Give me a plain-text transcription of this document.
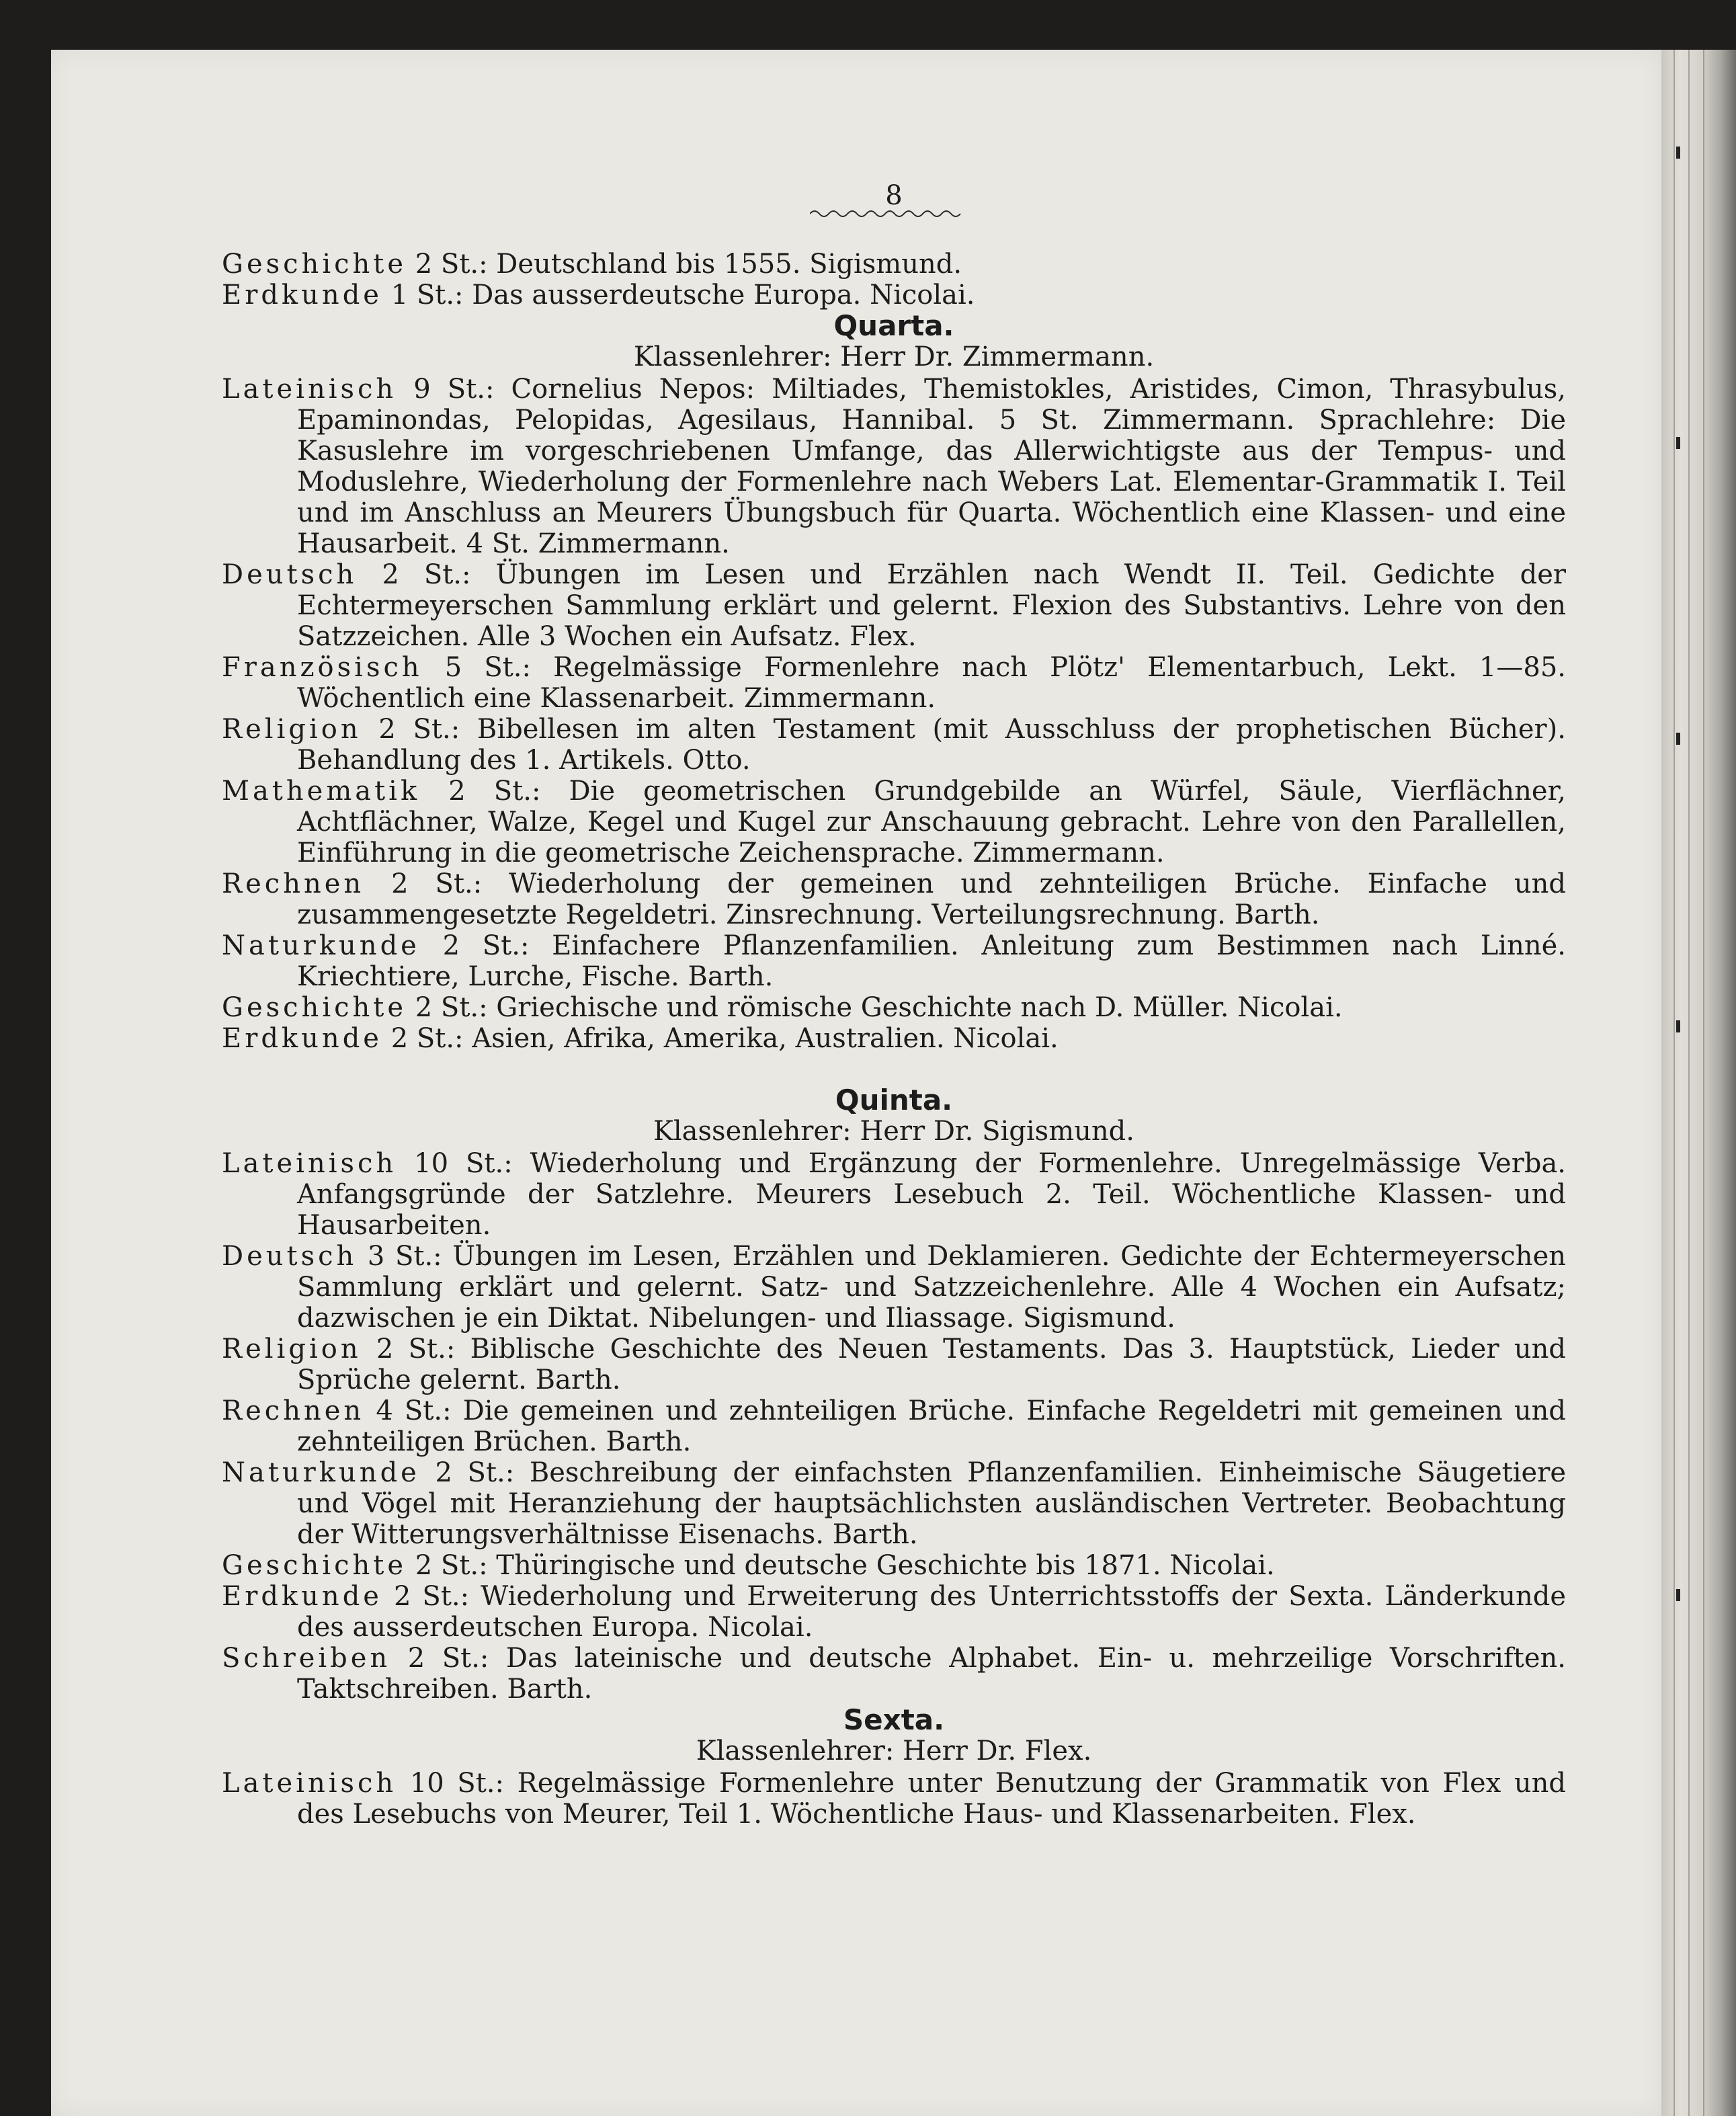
8

Geschichte 2 St.: Deutschland bis 1555. Sigismund.

Erdkunde 1 St.: Das ausserdeutsche Europa. Nicolai.

Quarta.

Klassenlehrer: Herr Dr. Zimmermann.

Lateinisch 9 St.: Cornelius Nepos: Miltiades, Themistokles, Aristides, Cimon, Thrasybulus, Epaminondas, Pelopidas, Agesilaus, Hannibal. 5 St. Zimmermann. Sprachlehre: Die Kasuslehre im vorgeschriebenen Umfange, das Allerwichtigste aus der Tempus- und Moduslehre, Wiederholung der Formenlehre nach Webers Lat. Elementar-Grammatik I. Teil und im Anschluss an Meurers Übungsbuch für Quarta. Wöchentlich eine Klassen- und eine Hausarbeit. 4 St. Zimmermann.

Deutsch 2 St.: Übungen im Lesen und Erzählen nach Wendt II. Teil. Gedichte der Echtermeyerschen Sammlung erklärt und gelernt. Flexion des Substantivs. Lehre von den Satzzeichen. Alle 3 Wochen ein Aufsatz. Flex.

Französisch 5 St.: Regelmässige Formenlehre nach Plötz' Elementarbuch, Lekt. 1—85. Wöchentlich eine Klassenarbeit. Zimmermann.

Religion 2 St.: Bibellesen im alten Testament (mit Ausschluss der prophetischen Bücher). Behandlung des 1. Artikels. Otto.

Mathematik 2 St.: Die geometrischen Grundgebilde an Würfel, Säule, Vierflächner, Achtflächner, Walze, Kegel und Kugel zur Anschauung gebracht. Lehre von den Parallellen, Einführung in die geometrische Zeichensprache. Zimmermann.

Rechnen 2 St.: Wiederholung der gemeinen und zehnteiligen Brüche. Einfache und zusammengesetzte Regeldetri. Zinsrechnung. Verteilungsrechnung. Barth.

Naturkunde 2 St.: Einfachere Pflanzenfamilien. Anleitung zum Bestimmen nach Linné. Kriechtiere, Lurche, Fische. Barth.

Geschichte 2 St.: Griechische und römische Geschichte nach D. Müller. Nicolai.

Erdkunde 2 St.: Asien, Afrika, Amerika, Australien. Nicolai.

Quinta.

Klassenlehrer: Herr Dr. Sigismund.

Lateinisch 10 St.: Wiederholung und Ergänzung der Formenlehre. Unregelmässige Verba. Anfangsgründe der Satzlehre. Meurers Lesebuch 2. Teil. Wöchentliche Klassen- und Hausarbeiten.

Deutsch 3 St.: Übungen im Lesen, Erzählen und Deklamieren. Gedichte der Echtermeyerschen Sammlung erklärt und gelernt. Satz- und Satzzeichenlehre. Alle 4 Wochen ein Aufsatz; dazwischen je ein Diktat. Nibelungen- und Iliassage. Sigismund.

Religion 2 St.: Biblische Geschichte des Neuen Testaments. Das 3. Hauptstück, Lieder und Sprüche gelernt. Barth.

Rechnen 4 St.: Die gemeinen und zehnteiligen Brüche. Einfache Regeldetri mit gemeinen und zehnteiligen Brüchen. Barth.

Naturkunde 2 St.: Beschreibung der einfachsten Pflanzenfamilien. Einheimische Säugetiere und Vögel mit Heranziehung der hauptsächlichsten ausländischen Vertreter. Beobachtung der Witterungsverhältnisse Eisenachs. Barth.

Geschichte 2 St.: Thüringische und deutsche Geschichte bis 1871. Nicolai.

Erdkunde 2 St.: Wiederholung und Erweiterung des Unterrichtsstoffs der Sexta. Länderkunde des ausserdeutschen Europa. Nicolai.

Schreiben 2 St.: Das lateinische und deutsche Alphabet. Ein- u. mehrzeilige Vorschriften. Taktschreiben. Barth.

Sexta.

Klassenlehrer: Herr Dr. Flex.

Lateinisch 10 St.: Regelmässige Formenlehre unter Benutzung der Grammatik von Flex und des Lesebuchs von Meurer, Teil 1. Wöchentliche Haus- und Klassenarbeiten. Flex.
